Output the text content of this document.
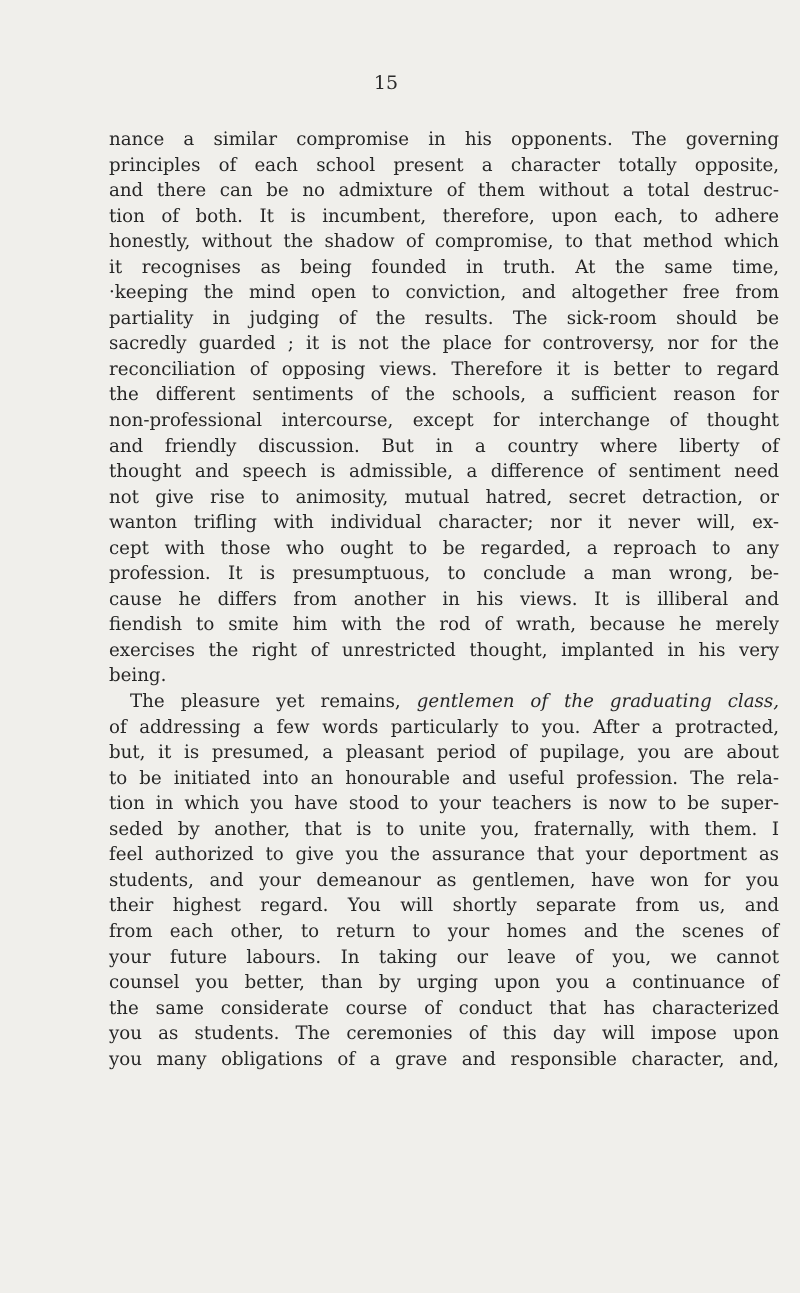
15
nance a similar compromise in his opponents. The governing
principles of each school present a character totally opposite,
and there can be no admixture of them without a total destruc-
tion of both. It is incumbent, therefore, upon each, to adhere
honestly, without the shadow of compromise, to that method which
it recognises as being founded in truth. At the same time,
·keeping the mind open to conviction, and altogether free from
partiality in judging of the results. The sick-room should be
sacredly guarded ; it is not the place for controversy, nor for the
reconciliation of opposing views. Therefore it is better to regard
the different sentiments of the schools, a sufficient reason for
non-professional intercourse, except for interchange of thought
and friendly discussion. But in a country where liberty of
thought and speech is admissible, a difference of sentiment need
not give rise to animosity, mutual hatred, secret detraction, or
wanton trifling with individual character; nor it never will, ex-
cept with those who ought to be regarded, a reproach to any
profession. It is presumptuous, to conclude a man wrong, be-
cause he differs from another in his views. It is illiberal and
fiendish to smite him with the rod of wrath, because he merely
exercises the right of unrestricted thought, implanted in his very
being.
The pleasure yet remains, gentlemen of the graduating class,
of addressing a few words particularly to you. After a protracted,
but, it is presumed, a pleasant period of pupilage, you are about
to be initiated into an honourable and useful profession. The rela-
tion in which you have stood to your teachers is now to be super-
seded by another, that is to unite you, fraternally, with them. I
feel authorized to give you the assurance that your deportment as
students, and your demeanour as gentlemen, have won for you
their highest regard. You will shortly separate from us, and
from each other, to return to your homes and the scenes of
your future labours. In taking our leave of you, we cannot
counsel you better, than by urging upon you a continuance of
the same considerate course of conduct that has characterized
you as students. The ceremonies of this day will impose upon
you many obligations of a grave and responsible character, and,
